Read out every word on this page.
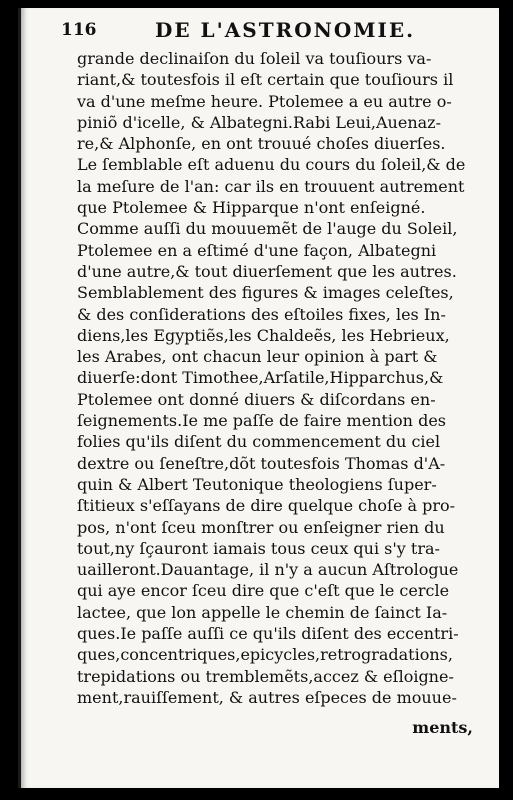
116	DE L'ASTRONOMIE.
grande declinaiſon du ſoleil va touſiours va-
riant,& toutesfois il eſt certain que touſiours il
va d'une meſme heure. Ptolemee a eu autre o-
piniõ d'icelle, & Albategni.Rabi Leui,Auenaz-
re,& Alphonſe, en ont trouué choſes diuerſes.
Le ſemblable eſt aduenu du cours du ſoleil,& de
la meſure de l'an: car ils en trouuent autrement
que Ptolemee & Hipparque n'ont enſeigné.
Comme auſſi du mouuemẽt de l'auge du Soleil,
Ptolemee en a eſtimé d'une façon, Albategni
d'une autre,& tout diuerſement que les autres.
Semblablement des figures & images celeſtes,
& des conſiderations des eſtoiles fixes, les In-
diens,les Egyptiẽs,les Chaldeẽs, les Hebrieux,
les Arabes, ont chacun leur opinion à part &
diuerſe:dont Timothee,Arſatile,Hipparchus,&
Ptolemee ont donné diuers & diſcordans en-
ſeignements.Ie me paſſe de faire mention des
folies qu'ils diſent du commencement du ciel
dextre ou ſeneſtre,dõt toutesfois Thomas d'A-
quin & Albert Teutonique theologiens ſuper-
ſtitieux s'eſſayans de dire quelque choſe à pro-
pos, n'ont ſceu monſtrer ou enſeigner rien du
tout,ny ſçauront iamais tous ceux qui s'y tra-
uailleront.Dauantage, il n'y a aucun Aſtrologue
qui aye encor ſceu dire que c'eſt que le cercle
lactee, que lon appelle le chemin de ſainct Ia-
ques.Ie paſſe auſſi ce qu'ils diſent des eccentri-
ques,concentriques,epicycles,retrogradations,
trepidations ou tremblemẽts,accez & eſloigne-
ment,rauiſſement, & autres eſpeces de mouue-
ments,
